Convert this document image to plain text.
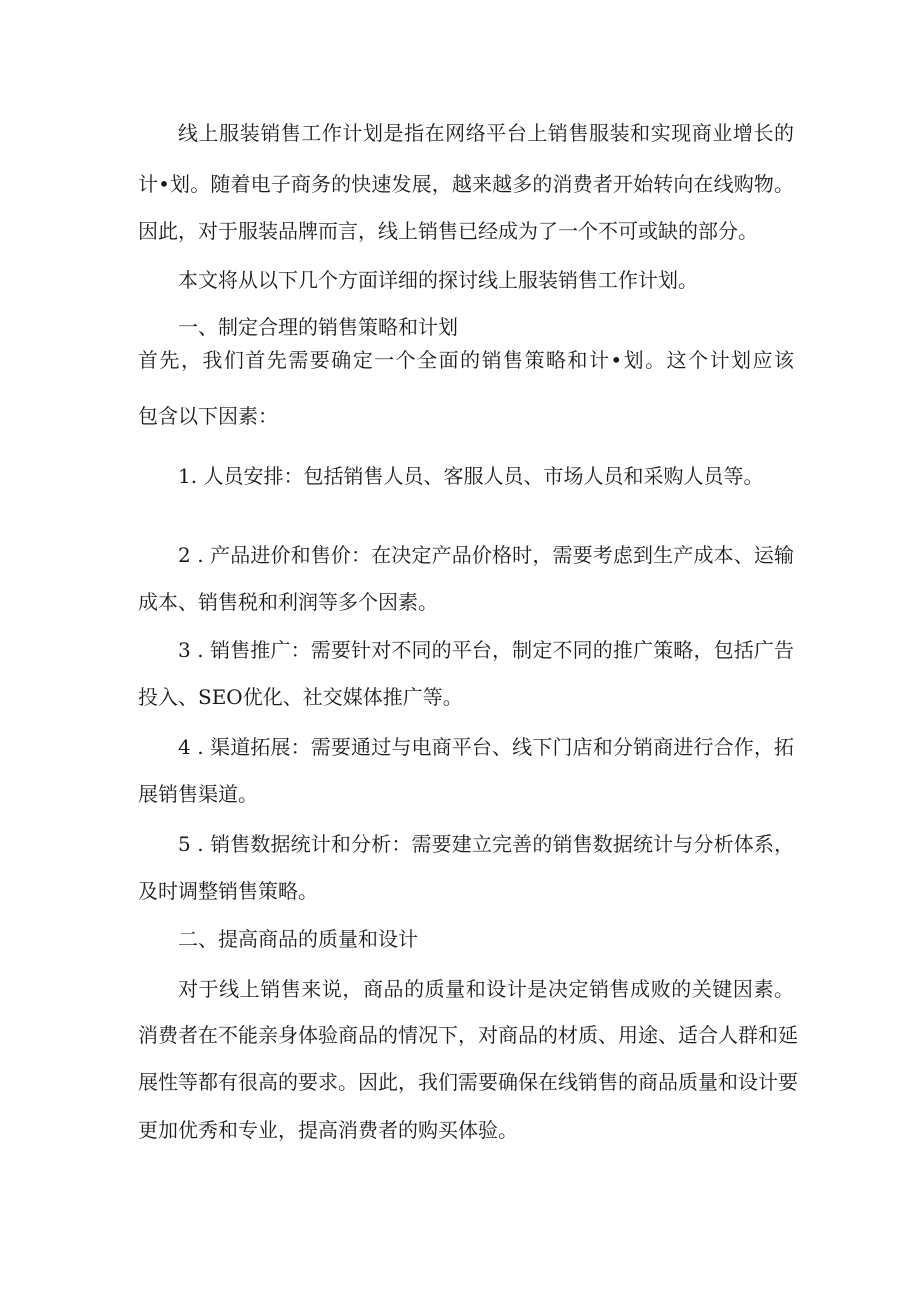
线上服装销售工作计划是指在网络平台上销售服装和实现商业增长的

计•划。随着电子商务的快速发展，越来越多的消费者开始转向在线购物。

因此，对于服装品牌而言，线上销售已经成为了一个不可或缺的部分。

本文将从以下几个方面详细的探讨线上服装销售工作计划。

一、制定合理的销售策略和计划

首先，我们首先需要确定一个全面的销售策略和计•划。这个计划应该

包含以下因素：

1. 人员安排：包括销售人员、客服人员、市场人员和采购人员等。

2 . 产品进价和售价：在决定产品价格时，需要考虑到生产成本、运输

成本、销售税和利润等多个因素。

3 . 销售推广：需要针对不同的平台，制定不同的推广策略，包括广告

投入、SEO优化、社交媒体推广等。

4 . 渠道拓展：需要通过与电商平台、线下门店和分销商进行合作，拓

展销售渠道。

5 . 销售数据统计和分析：需要建立完善的销售数据统计与分析体系，

及时调整销售策略。

二、提高商品的质量和设计

对于线上销售来说，商品的质量和设计是决定销售成败的关键因素。

消费者在不能亲身体验商品的情况下，对商品的材质、用途、适合人群和延

展性等都有很高的要求。因此，我们需要确保在线销售的商品质量和设计要

更加优秀和专业，提高消费者的购买体验。
